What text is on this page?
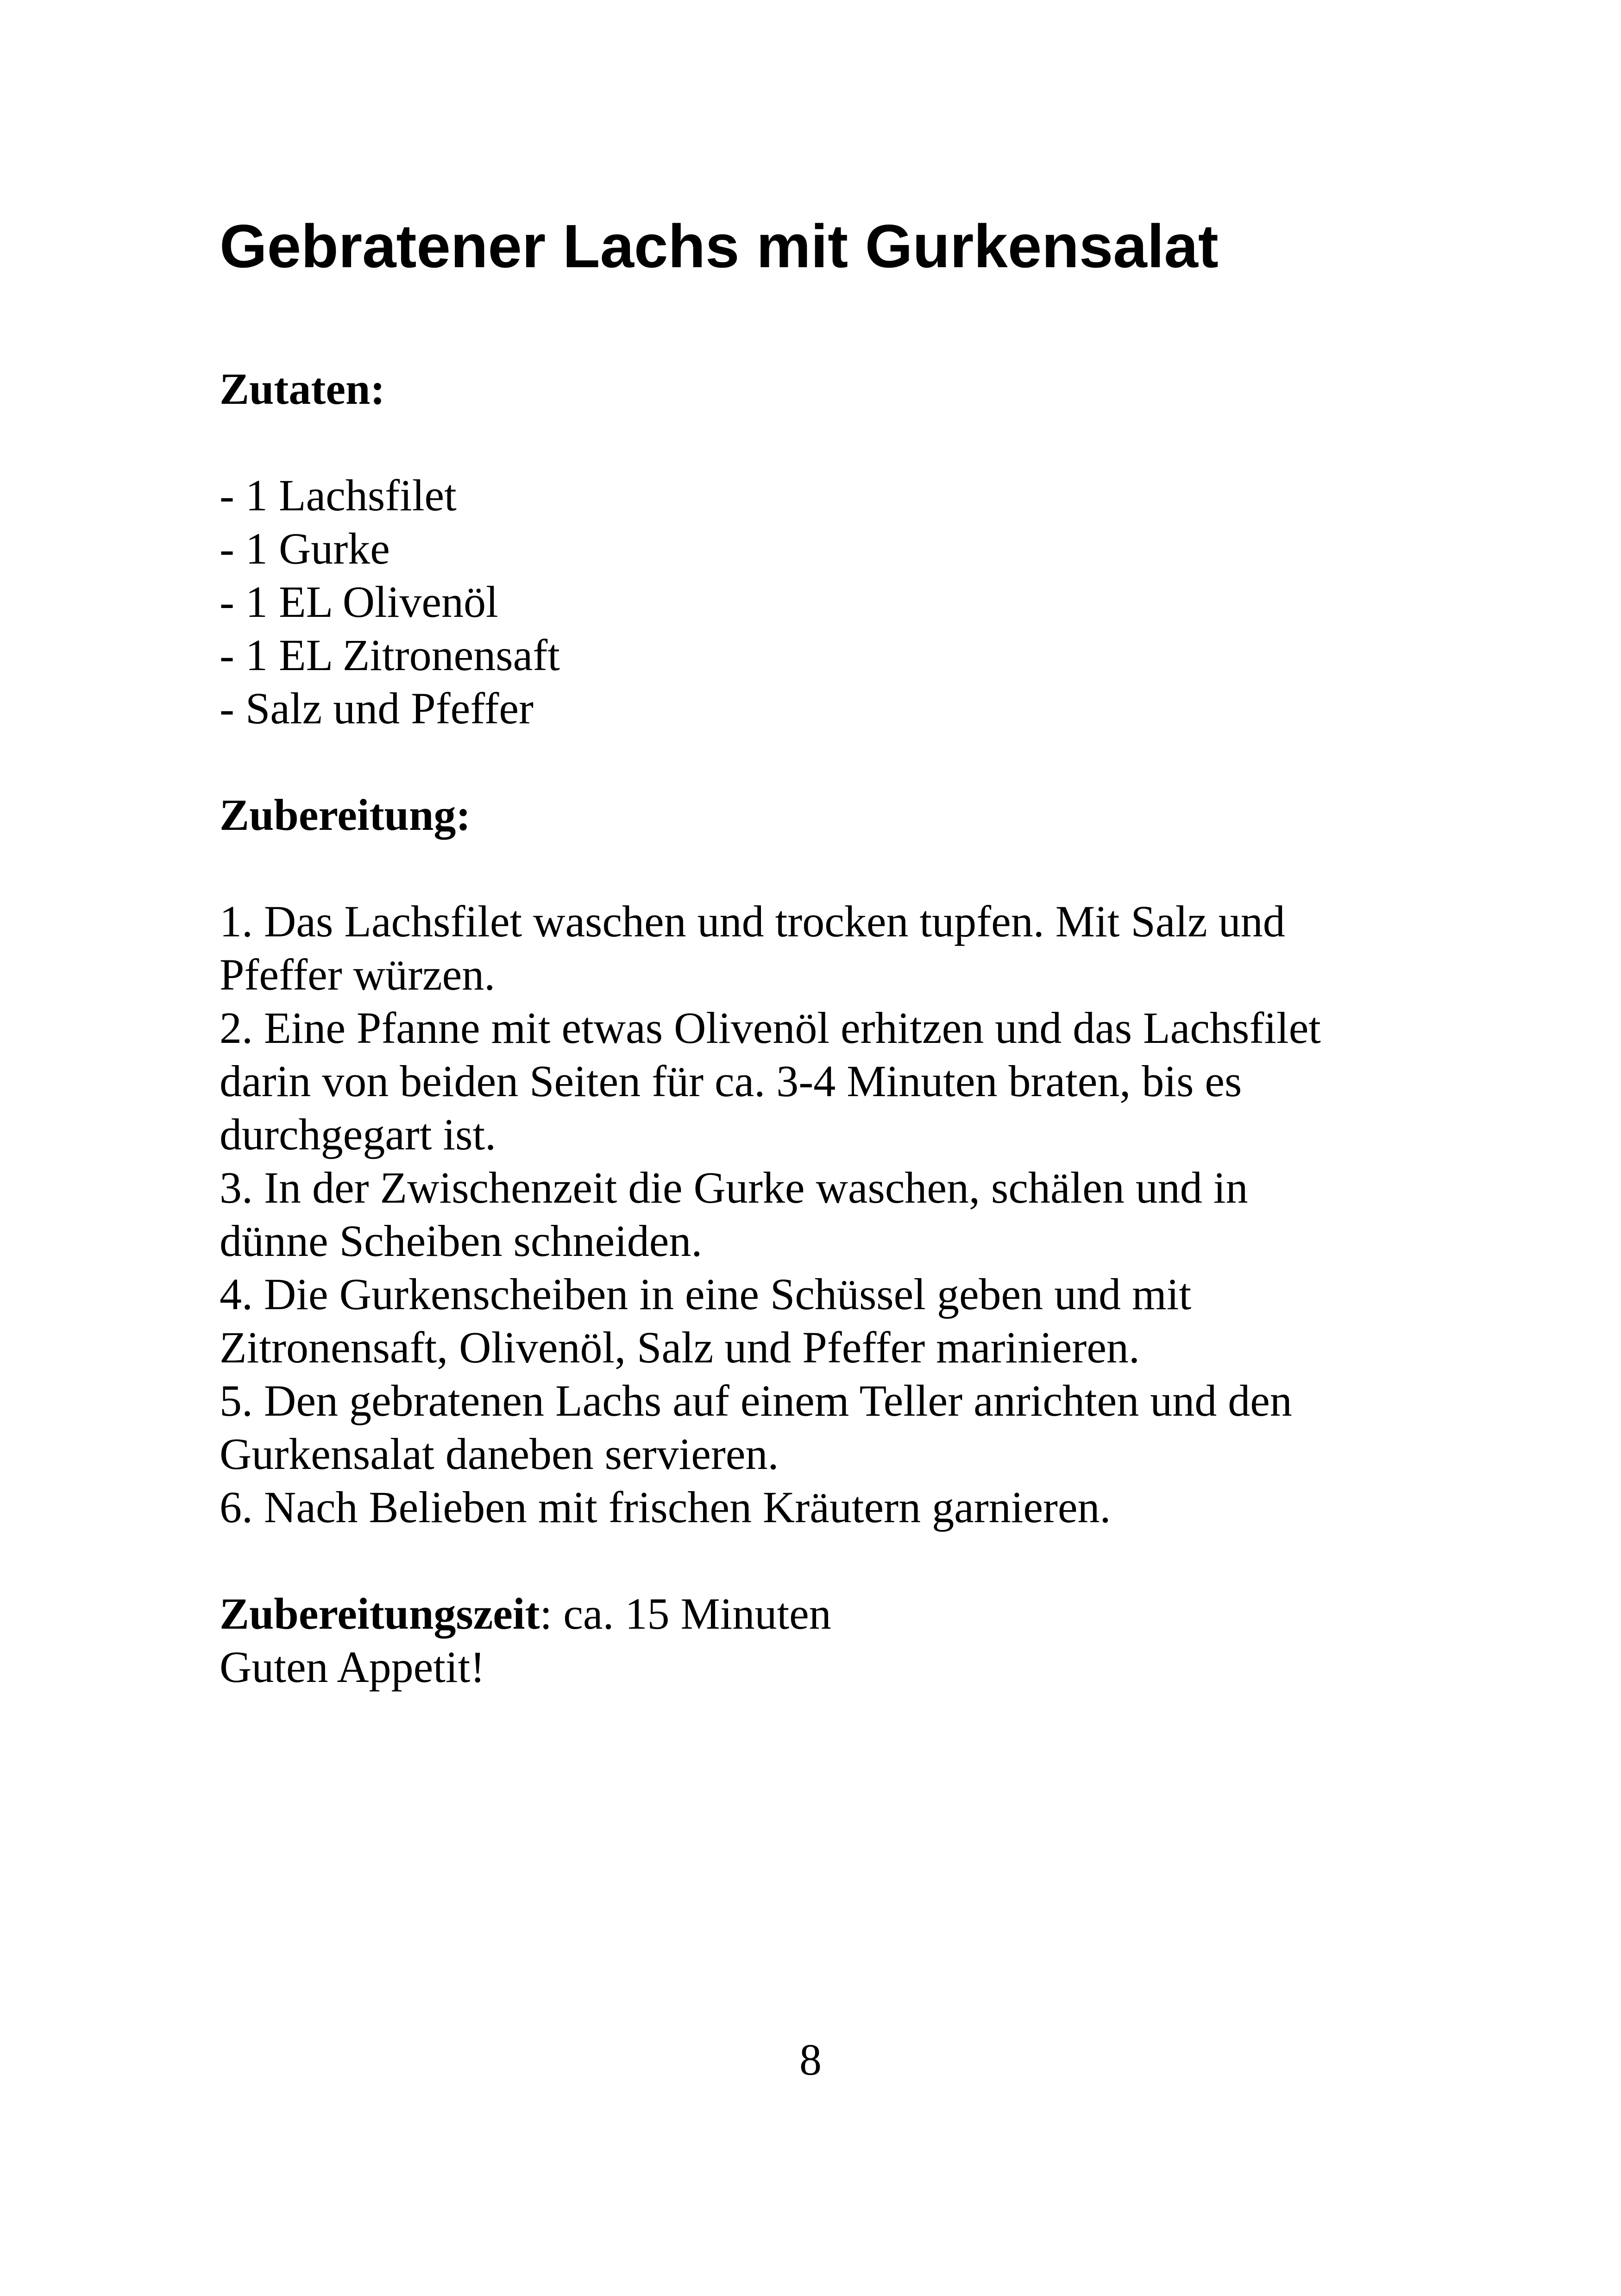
Gebratener Lachs mit Gurkensalat

Zutaten:

- 1 Lachsfilet
- 1 Gurke
- 1 EL Olivenöl
- 1 EL Zitronensaft
- Salz und Pfeffer

Zubereitung:

1. Das Lachsfilet waschen und trocken tupfen. Mit Salz und
Pfeffer würzen.
2. Eine Pfanne mit etwas Olivenöl erhitzen und das Lachsfilet
darin von beiden Seiten für ca. 3-4 Minuten braten, bis es
durchgegart ist.
3. In der Zwischenzeit die Gurke waschen, schälen und in
dünne Scheiben schneiden.
4. Die Gurkenscheiben in eine Schüssel geben und mit
Zitronensaft, Olivenöl, Salz und Pfeffer marinieren.
5. Den gebratenen Lachs auf einem Teller anrichten und den
Gurkensalat daneben servieren.
6. Nach Belieben mit frischen Kräutern garnieren.

Zubereitungszeit: ca. 15 Minuten

Guten Appetit!

8
